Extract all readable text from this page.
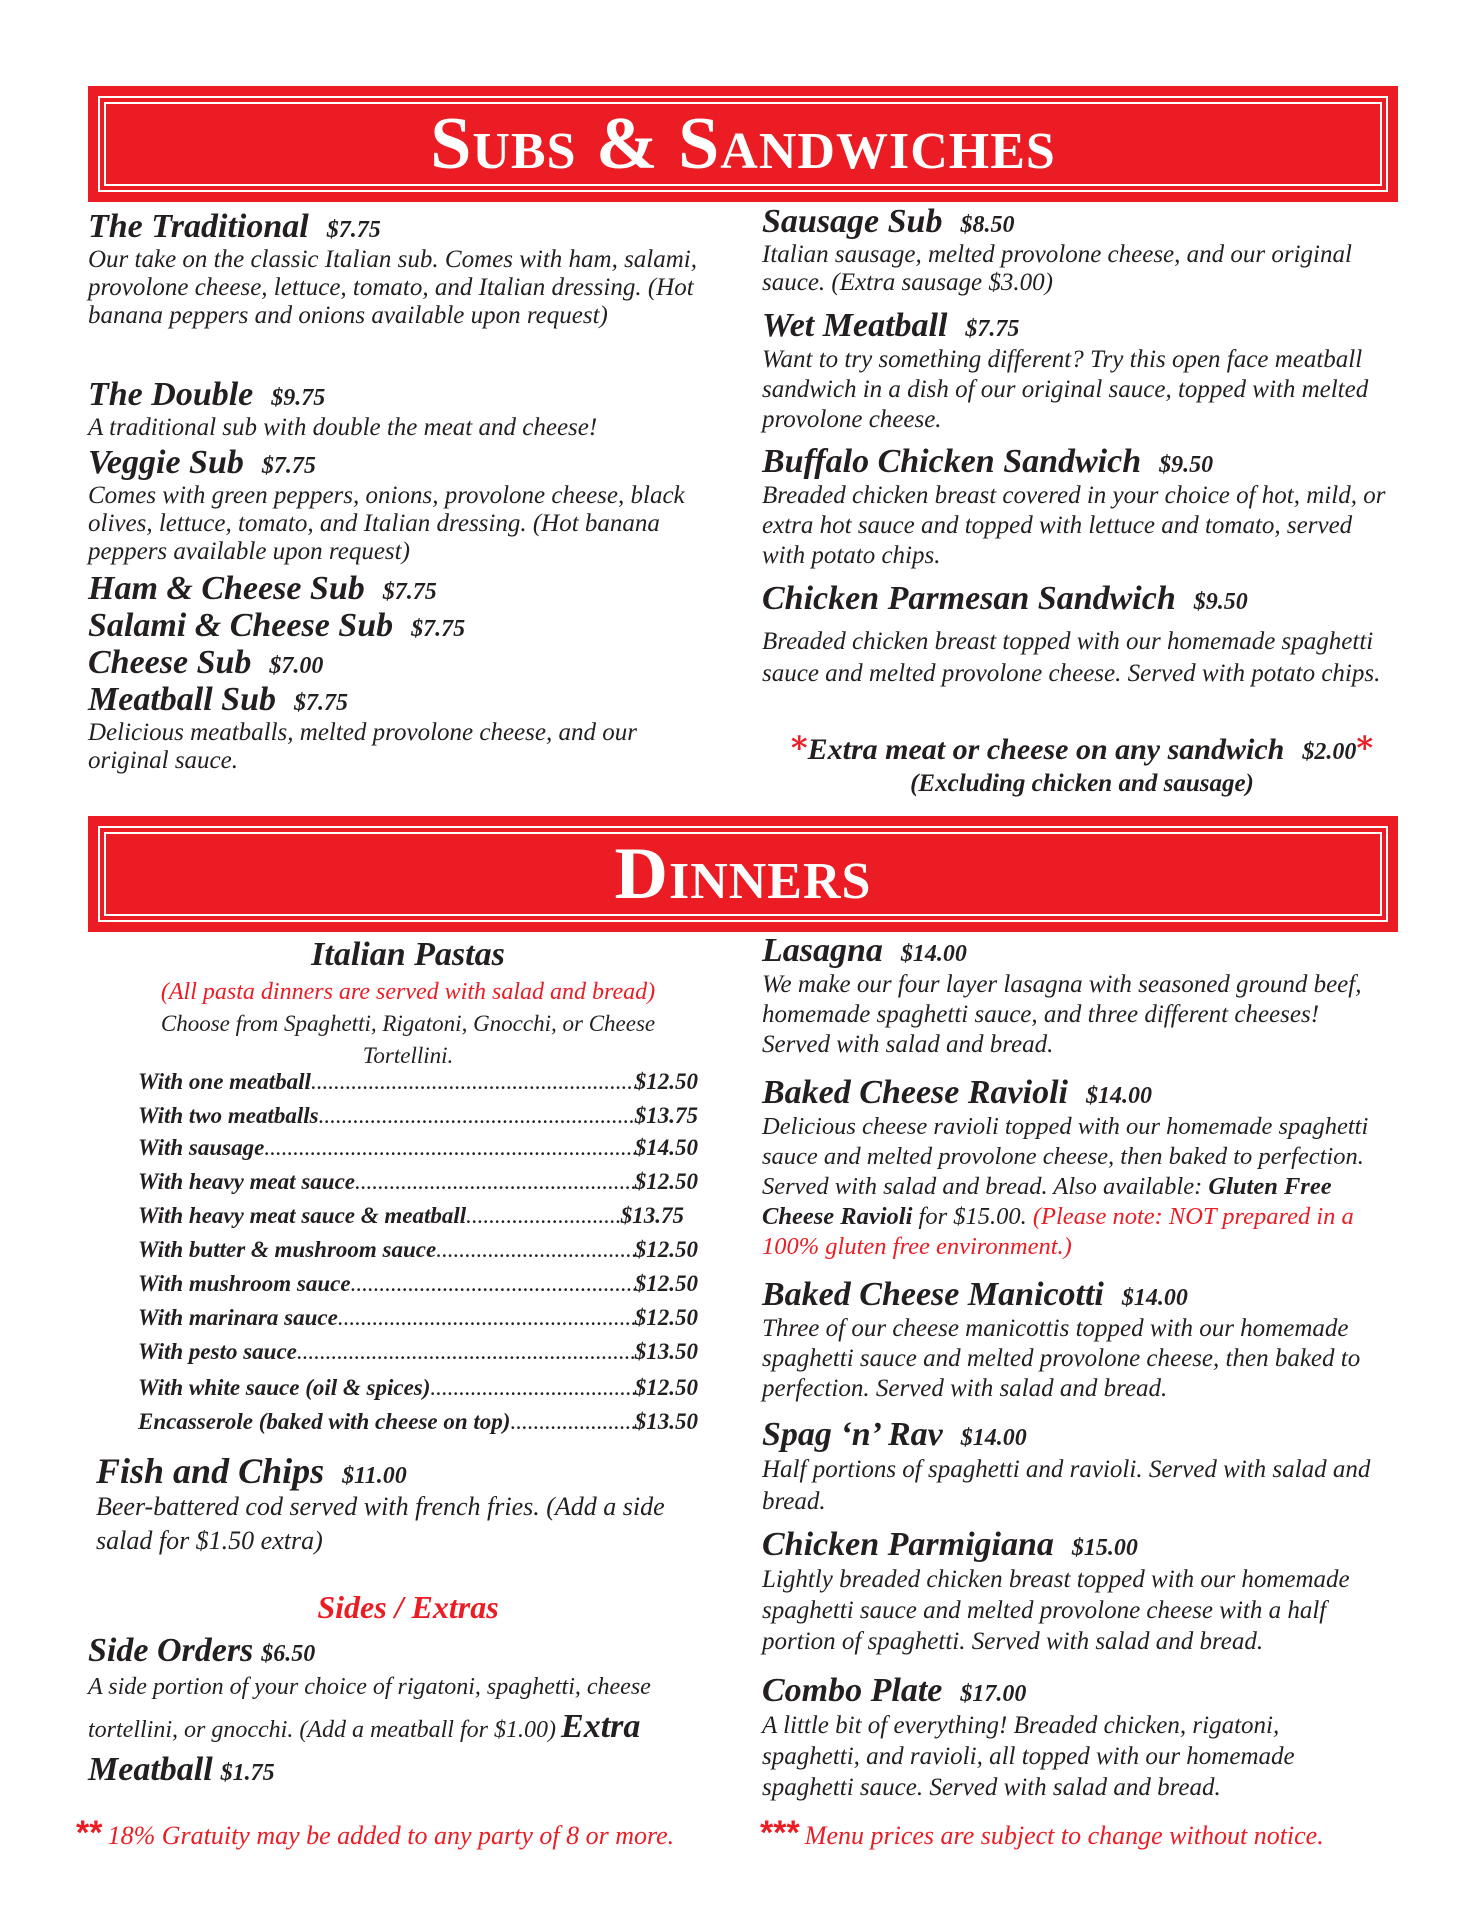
Subs & Sandwiches
The Traditional $7.75
Our take on the classic Italian sub. Comes with ham, salami, provolone cheese, lettuce, tomato, and Italian dressing. (Hot banana peppers and onions available upon request)
The Double $9.75
A traditional sub with double the meat and cheese!
Veggie Sub $7.75
Comes with green peppers, onions, provolone cheese, black olives, lettuce, tomato, and Italian dressing. (Hot banana peppers available upon request)
Ham & Cheese Sub $7.75
Salami & Cheese Sub $7.75
Cheese Sub $7.00
Meatball Sub $7.75
Delicious meatballs, melted provolone cheese, and our original sauce.
Sausage Sub $8.50
Italian sausage, melted provolone cheese, and our original sauce. (Extra sausage $3.00)
Wet Meatball $7.75
Want to try something different? Try this open face meatball sandwich in a dish of our original sauce, topped with melted provolone cheese.
Buffalo Chicken Sandwich $9.50
Breaded chicken breast covered in your choice of hot, mild, or extra hot sauce and topped with lettuce and tomato, served with potato chips.
Chicken Parmesan Sandwich $9.50
Breaded chicken breast topped with our homemade spaghetti sauce and melted provolone cheese. Served with potato chips.
*Extra meat or cheese on any sandwich $2.00*
(Excluding chicken and sausage)
Dinners
Italian Pastas
(All pasta dinners are served with salad and bread)
Choose from Spaghetti, Rigatoni, Gnocchi, or Cheese Tortellini.
With one meatball .....	$12.50
With two meatballs .....	$13.75
With sausage .....	$14.50
With heavy meat sauce .....	$12.50
With heavy meat sauce & meatball .....	$13.75
With butter & mushroom sauce .....	$12.50
With mushroom sauce .....	$12.50
With marinara sauce .....	$12.50
With pesto sauce .....	$13.50
With white sauce (oil & spices) .....	$12.50
Encasserole (baked with cheese on top) .....	$13.50
Fish and Chips $11.00
Beer-battered cod served with french fries. (Add a side salad for $1.50 extra)
Sides / Extras
Side Orders $6.50
A side portion of your choice of rigatoni, spaghetti, cheese tortellini, or gnocchi. (Add a meatball for $1.00) Extra Meatball $1.75
Lasagna $14.00
We make our four layer lasagna with seasoned ground beef, homemade spaghetti sauce, and three different cheeses! Served with salad and bread.
Baked Cheese Ravioli $14.00
Delicious cheese ravioli topped with our homemade spaghetti sauce and melted provolone cheese, then baked to perfection. Served with salad and bread. Also available: Gluten Free Cheese Ravioli for $15.00. (Please note: NOT prepared in a 100% gluten free environment.)
Baked Cheese Manicotti $14.00
Three of our cheese manicottis topped with our homemade spaghetti sauce and melted provolone cheese, then baked to perfection. Served with salad and bread.
Spag ‘n’ Rav $14.00
Half portions of spaghetti and ravioli. Served with salad and bread.
Chicken Parmigiana $15.00
Lightly breaded chicken breast topped with our homemade spaghetti sauce and melted provolone cheese with a half portion of spaghetti. Served with salad and bread.
Combo Plate $17.00
A little bit of everything! Breaded chicken, rigatoni, spaghetti, and ravioli, all topped with our homemade spaghetti sauce. Served with salad and bread.
** 18% Gratuity may be added to any party of 8 or more.	*** Menu prices are subject to change without notice.
